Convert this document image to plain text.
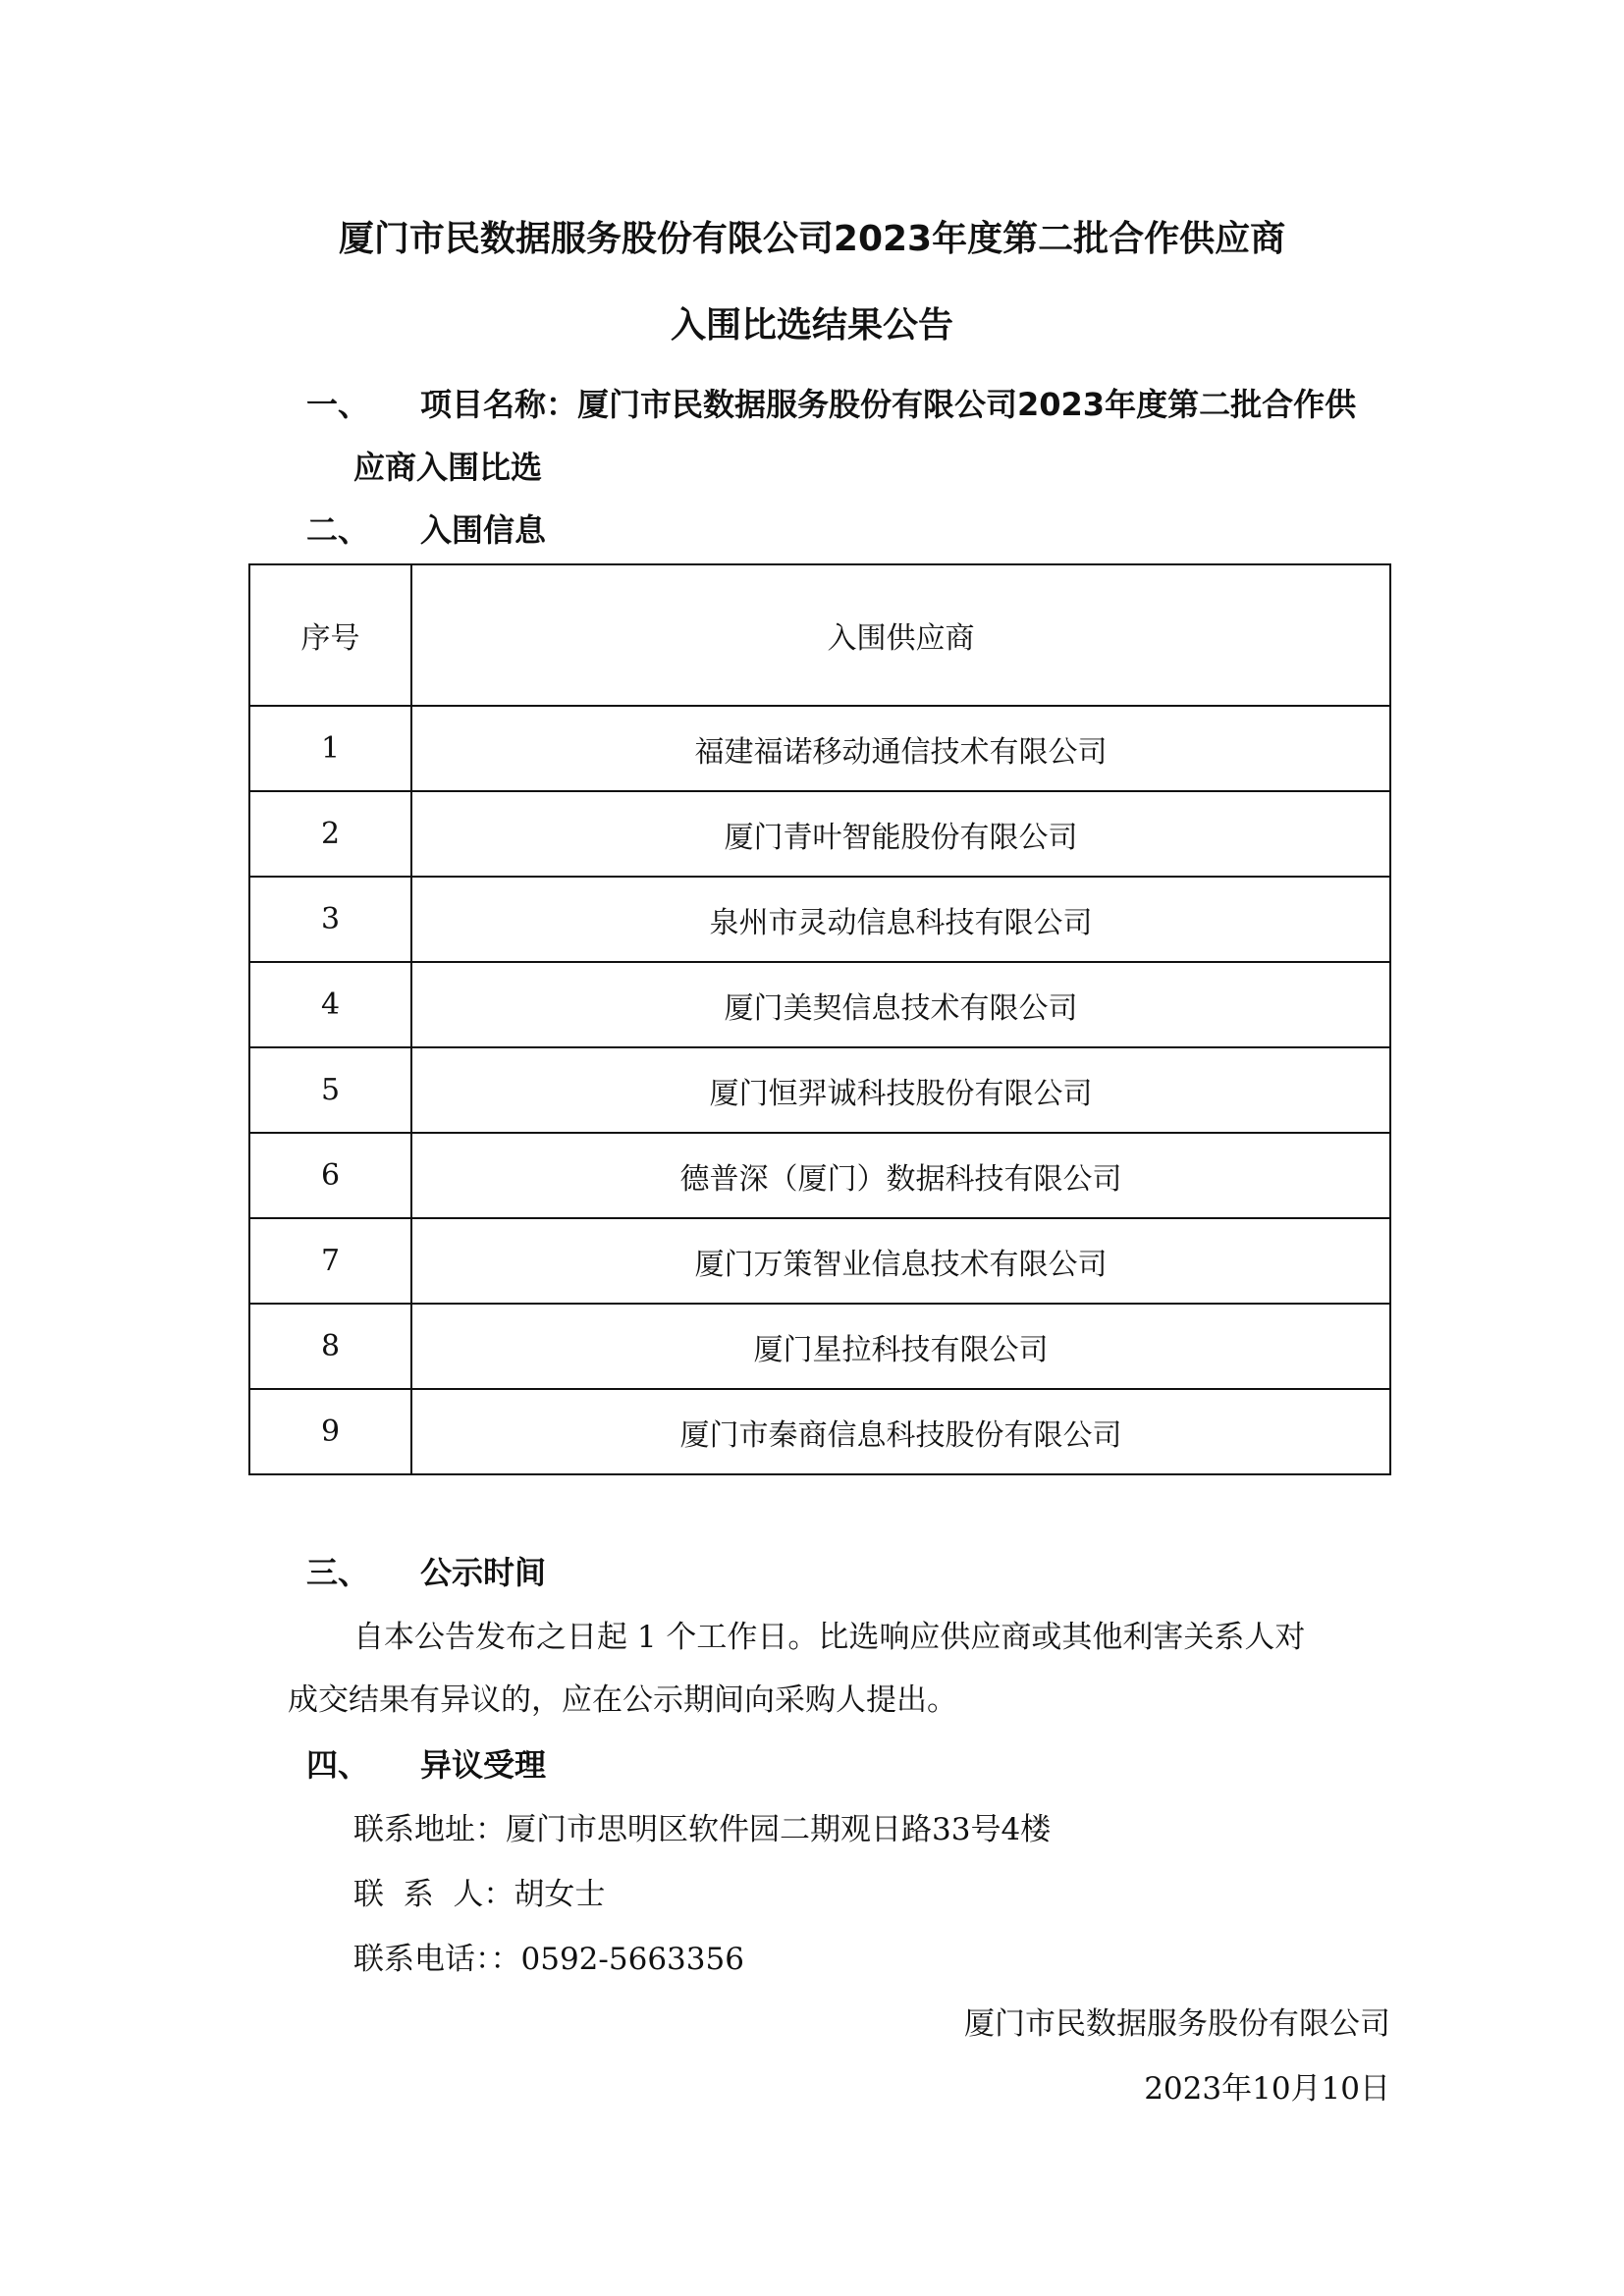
厦门市民数据服务股份有限公司2023年度第二批合作供应商
入围比选结果公告
一、 项目名称：厦门市民数据服务股份有限公司2023年度第二批合作供
应商入围比选
二、 入围信息
序号	入围供应商
1	福建福诺移动通信技术有限公司
2	厦门青叶智能股份有限公司
3	泉州市灵动信息科技有限公司
4	厦门美契信息技术有限公司
5	厦门恒羿诚科技股份有限公司
6	德普深（厦门）数据科技有限公司
7	厦门万策智业信息技术有限公司
8	厦门星拉科技有限公司
9	厦门市秦商信息科技股份有限公司
三、 公示时间
自本公告发布之日起 1 个工作日。比选响应供应商或其他利害关系人对
成交结果有异议的，应在公示期间向采购人提出。
四、 异议受理
联系地址：厦门市思明区软件园二期观日路33号4楼
联  系  人：胡女士
联系电话：：0592-5663356
厦门市民数据服务股份有限公司
2023年10月10日
